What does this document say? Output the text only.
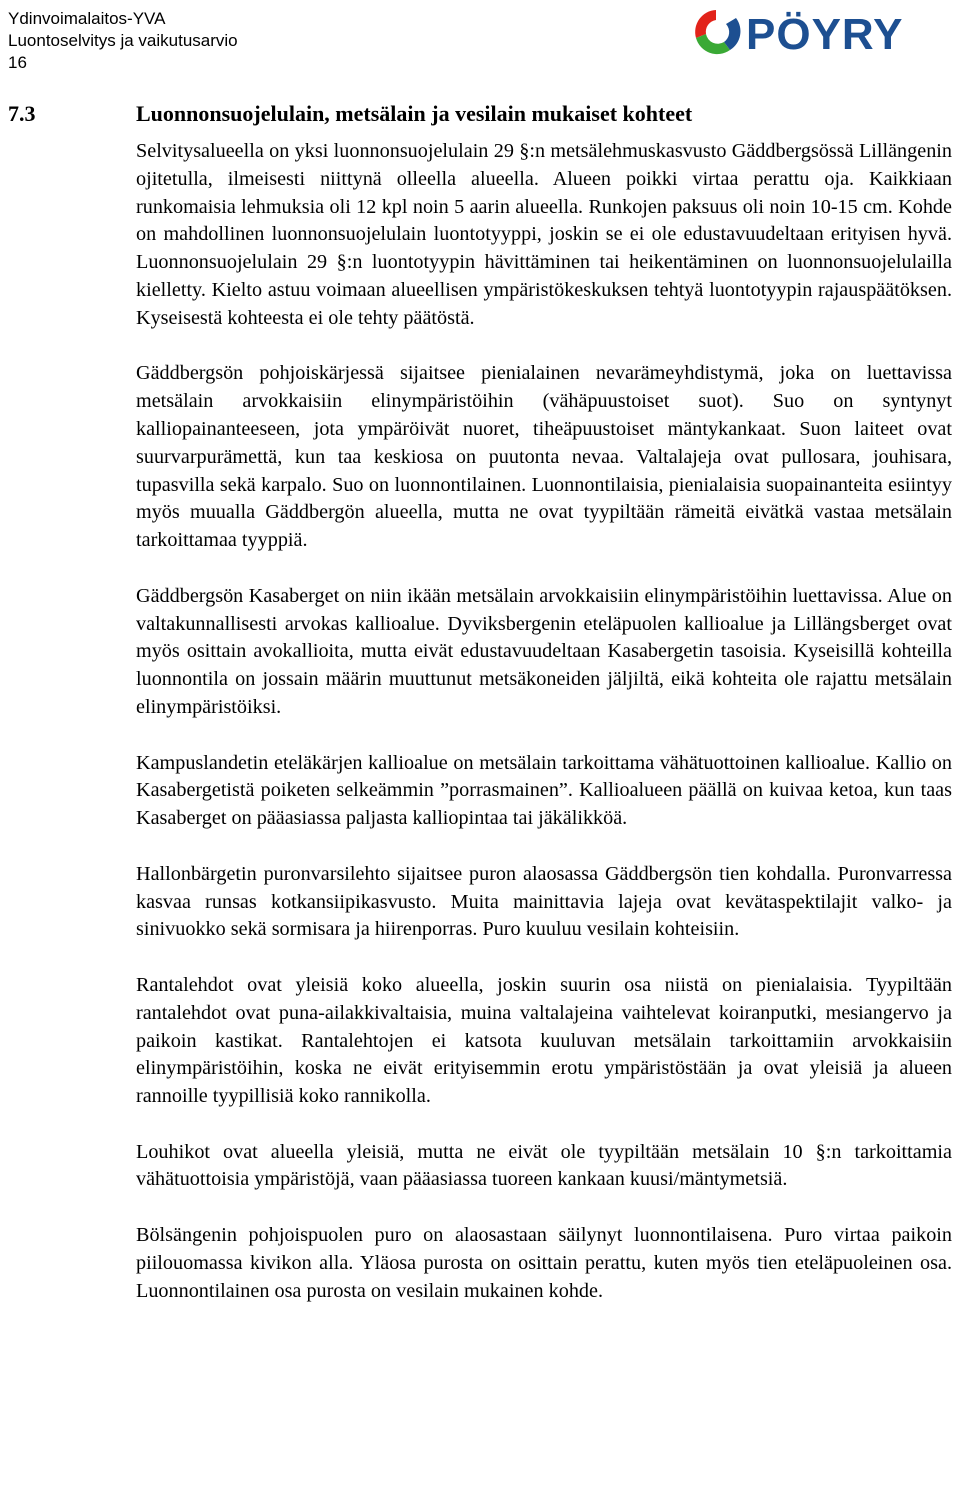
Ydinvoimalaitos-YVA
Luontoselvitys ja vaikutusarvio
16
PÖYRY
7.3	Luonnonsuojelulain, metsälain ja vesilain mukaiset kohteet

Selvitysalueella on yksi luonnonsuojelulain 29 §:n metsälehmuskasvusto Gäddbergsössä Lillängenin ojitetulla, ilmeisesti niittynä olleella alueella. Alueen poikki virtaa perattu oja. Kaikkiaan runkomaisia lehmuksia oli 12 kpl noin 5 aarin alueella. Runkojen paksuus oli noin 10-15 cm. Kohde on mahdollinen luonnonsuojelulain luontotyyppi, joskin se ei ole edustavuudeltaan erityisen hyvä. Luonnonsuojelulain 29 §:n luontotyypin hävittäminen tai heikentäminen on luonnonsuojelulailla kielletty. Kielto astuu voimaan alueellisen ympäristökeskuksen tehtyä luontotyypin rajauspäätöksen. Kyseisestä kohteesta ei ole tehty päätöstä.

Gäddbergsön pohjoiskärjessä sijaitsee pienialainen nevarämeyhdistymä, joka on luettavissa metsälain arvokkaisiin elinympäristöihin (vähäpuustoiset suot). Suo on syntynyt kalliopainanteeseen, jota ympäröivät nuoret, tiheäpuustoiset mäntykankaat. Suon laiteet ovat suurvarpurämettä, kun taa keskiosa on puutonta nevaa. Valtalajeja ovat pullosara, jouhisara, tupasvilla sekä karpalo. Suo on luonnontilainen. Luonnontilaisia, pienialaisia suopainanteita esiintyy myös muualla Gäddbergön alueella, mutta ne ovat tyypiltään rämeitä eivätkä vastaa metsälain tarkoittamaa tyyppiä.

Gäddbergsön Kasaberget on niin ikään metsälain arvokkaisiin elinympäristöihin luettavissa. Alue on valtakunnallisesti arvokas kallioalue. Dyviksbergenin eteläpuolen kallioalue ja Lillängsberget ovat myös osittain avokallioita, mutta eivät edustavuudeltaan Kasabergetin tasoisia. Kyseisillä kohteilla luonnontila on jossain määrin muuttunut metsäkoneiden jäljiltä, eikä kohteita ole rajattu metsälain elinympäristöiksi.

Kampuslandetin eteläkärjen kallioalue on metsälain tarkoittama vähätuottoinen kallioalue. Kallio on Kasabergetistä poiketen selkeämmin ”porrasmainen”. Kallioalueen päällä on kuivaa ketoa, kun taas Kasaberget on pääasiassa paljasta kalliopintaa tai jäkälikköä.

Hallonbärgetin puronvarsilehto sijaitsee puron alaosassa Gäddbergsön tien kohdalla. Puronvarressa kasvaa runsas kotkansiipikasvusto. Muita mainittavia lajeja ovat kevätaspektilajit valko- ja sinivuokko sekä sormisara ja hiirenporras. Puro kuuluu vesilain kohteisiin.

Rantalehdot ovat yleisiä koko alueella, joskin suurin osa niistä on pienialaisia. Tyypiltään rantalehdot ovat puna-ailakkivaltaisia, muina valtalajeina vaihtelevat koiranputki, mesiangervo ja paikoin kastikat. Rantalehtojen ei katsota kuuluvan metsälain tarkoittamiin arvokkaisiin elinympäristöihin, koska ne eivät erityisemmin erotu ympäristöstään ja ovat yleisiä ja alueen rannoille tyypillisiä koko rannikolla.

Louhikot ovat alueella yleisiä, mutta ne eivät ole tyypiltään metsälain 10 §:n tarkoittamia vähätuottoisia ympäristöjä, vaan pääasiassa tuoreen kankaan kuusi/mäntymetsiä.

Bölsängenin pohjoispuolen puro on alaosastaan säilynyt luonnontilaisena. Puro virtaa paikoin piilouomassa kivikon alla. Yläosa purosta on osittain perattu, kuten myös tien eteläpuoleinen osa. Luonnontilainen osa purosta on vesilain mukainen kohde.
